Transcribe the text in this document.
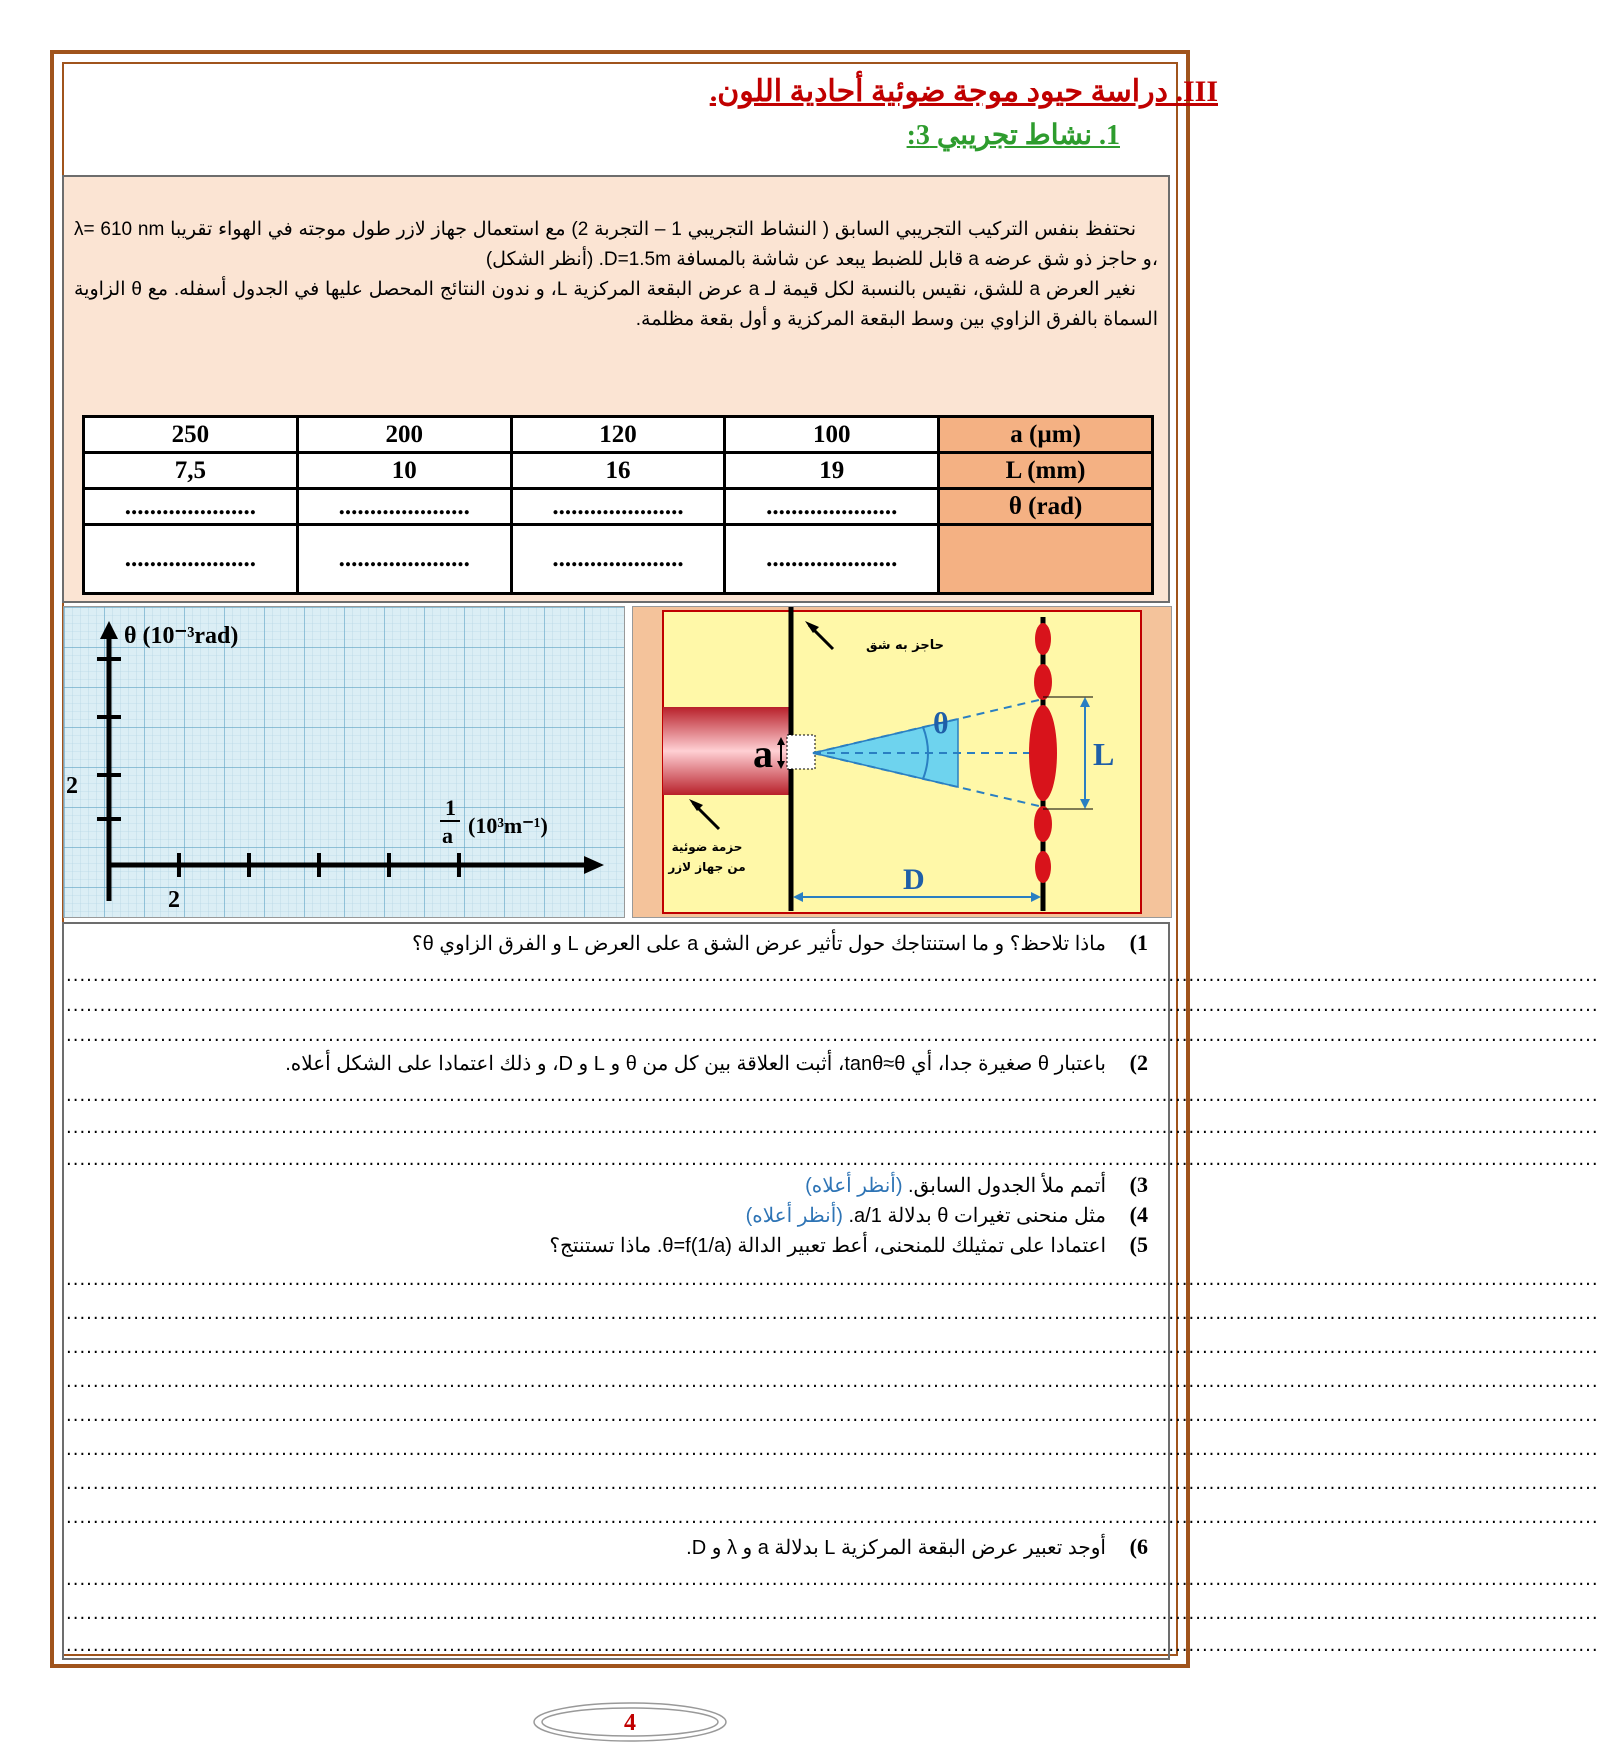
III. دراسة حيود موجة ضوئية أحادية اللون.
1. نشاط تجريبي 3:

نحتفظ بنفس التركيب التجريبي السابق ( النشاط التجريبي 1 – التجربة 2) مع استعمال جهاز لازر طول موجته في الهواء تقريبا λ= 610 nm ،و حاجز ذو شق عرضه a قابل للضبط يبعد عن شاشة بالمسافة D=1.5m. (أنظر الشكل)

نغير العرض a للشق، نقيس بالنسبة لكل قيمة لـ a عرض البقعة المركزية L، و ندون النتائج المحصل عليها في الجدول أسفله. مع θ الزاوية السماة بالفرق الزاوي بين وسط البقعة المركزية و أول بقعة مظلمة.

250	200	120	100	a (µm)
7,5	10	16	19	L (mm)
.....................	.....................	.....................	.....................	θ (rad)
.....................	.....................	.....................	.....................	
θ (10⁻³rad)
2
2
1
a (10³m⁻¹)
a
θ
L
D
حاجز به شق
حزمة ضوئية
من جهاز لازر
1)ماذا تلاحظ؟ و ما استنتاجك حول تأثير عرض الشق a على العرض L و الفرق الزاوي θ؟
....................................................................................................................................................................................................................................
....................................................................................................................................................................................................................................
....................................................................................................................................................................................................................................
2)باعتبار θ صغيرة جدا، أي tanθ≈θ، أثبت العلاقة بين كل من θ و L و D، و ذلك اعتمادا على الشكل أعلاه.
....................................................................................................................................................................................................................................
....................................................................................................................................................................................................................................
....................................................................................................................................................................................................................................
3)أتمم ملأ الجدول السابق. (أنظر أعلاه)
4)مثل منحنى تغيرات θ بدلالة 1/a. (أنظر أعلاه)
5)اعتمادا على تمثيلك للمنحنى، أعط تعبير الدالة θ=f(1/a). ماذا تستنتج؟
....................................................................................................................................................................................................................................
....................................................................................................................................................................................................................................
....................................................................................................................................................................................................................................
....................................................................................................................................................................................................................................
....................................................................................................................................................................................................................................
....................................................................................................................................................................................................................................
....................................................................................................................................................................................................................................
....................................................................................................................................................................................................................................
6)أوجد تعبير عرض البقعة المركزية L بدلالة a و λ و D.
....................................................................................................................................................................................................................................
....................................................................................................................................................................................................................................
....................................................................................................................................................................................................................................
4
